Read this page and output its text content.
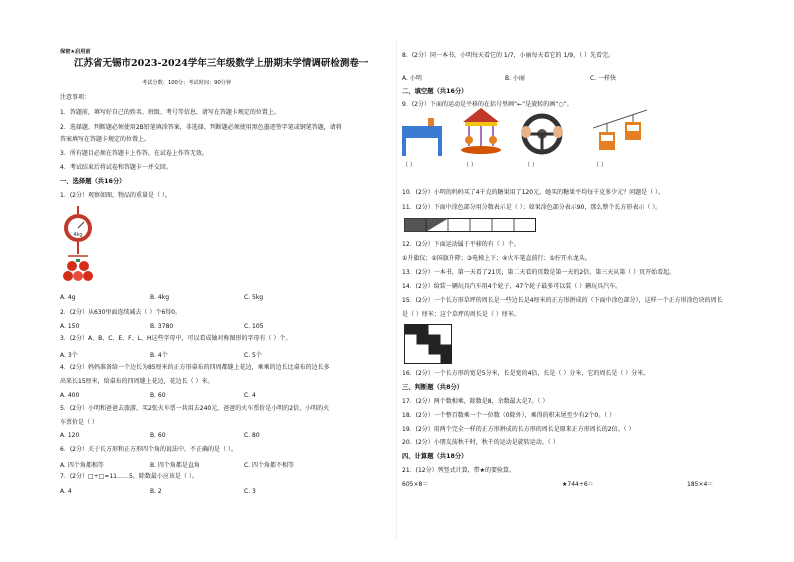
保密★启用前
江苏省无锡市2023-2024学年三年级数学上册期末学情调研检测卷一
考试分数：100分；考试时间：90分钟
注意事项：
1．答题前，填写好自己的姓名、班级、考号等信息，请写在答题卡规定的位置上。
2．选择题、判断题必须使用2B铅笔填涂答案，非选择、判断题必须使用黑色墨迹签字笔或钢笔答题，请将
答案填写在答题卡规定的位置上。
3．所有题目必须在答题卡上作答，在试卷上作答无效。
4．考试结束后将试卷和答题卡一并交回。
一、选择题（共16分）
1．(2分）观察如图，物品的重量是（ ）。
4kg
A. 4g	B. 4kg	C. 5kg
2．(2分）从630里面连续减去（ ）个6得0。
A. 150	B. 3780	C. 105
3．(2分）A、B、C、E、F、L、H这些字母中，可以看成轴对称图形的字母有（ ）个。
A. 3个	B. 4个	C. 5个
4．(2分）妈妈准备给一个边长为85厘米的正方形桌布的四周都缝上花边，乘乘的边长比桌布的边长多
出来长15厘米，给桌布的四周缝上花边，花边长（ ）米。
A. 400	B. 60	C. 4
5．(2分）小明和爸爸去旅游，买2张火车票一共用去240元。爸爸的火车票价是小明的2倍，小明的火
车票价是（ ）
A. 120	B. 60	C. 80
6．(2分）关于长方形和正方形四个角的说法中，不正确的是（ ）。
A. 四个角都相等	B. 四个角都是直角	C. 四个角都不相等
7．(2分）□÷□=11……5，除数最小应该是（ ）。
A. 4	B. 2	C. 3
8．(2分）同一本书，小明每天看它的 1/7，小丽每天看它的 1/9，（ ）先看完。
A. 小明	B. 小丽	C. 一样快
二、填空题（共16分）
9．(2分）下面的运动是平移的在括号里画“←”是旋转的画“○”。
（ ）	（ ）	（ ）	（ ）
10．(2分）小明的妈妈买了4千克的糖果用了120元，她买的糖果平均每千克多少元？问题是（ ）。
11．(2分）下面中涂色部分用分数表示是（ ）；如果涂色部分表示90，那么整个长方形表示（ ）。
12．(2分）下面运动属于平移的有（ ）个。
①升旗仪；②国旗升降；③电梯上下；④火车笔直前行；⑤拧开水龙头。
13．(2分）一本书，第一天看了21页，第二天看的页数是第一天的2倍，第三天从第（ ）页开始看起。
14．(2分）给装一辆玩具汽车用4个轮子，47个轮子最多可以装（ ）辆玩具汽车。
15．(2分）一个长方形草坪的周长是一些边长是4厘米的正方形拼成的（下面中涂色部分），这样一个正方形涂色块的周长
是（ ）厘米；这个草坪的周长是（ ）厘米。
16．(2分）一个长方形的宽是5分米，长是宽的4倍，长是（ ）分米，它的周长是（ ）分米。
三、判断题（共8分）
17．(2分）两个数相乘，除数是8，余数最大是7。（ ）
18．(2分）一个整百数乘一个一位数（0除外），乘得的积末尾至少有2个0。（ ）
19．(2分）用两个完全一样的正方形拼成的长方形的周长是原来正方形周长的2倍。（ ）
20．(2分）小朋友荡秋千时，秋千的运动是旋转运动。（ ）
四、计算题（共18分）
21．(12分）列竖式计算，带★的要验算。
605×8＝	★744÷6＝	185×4＝
